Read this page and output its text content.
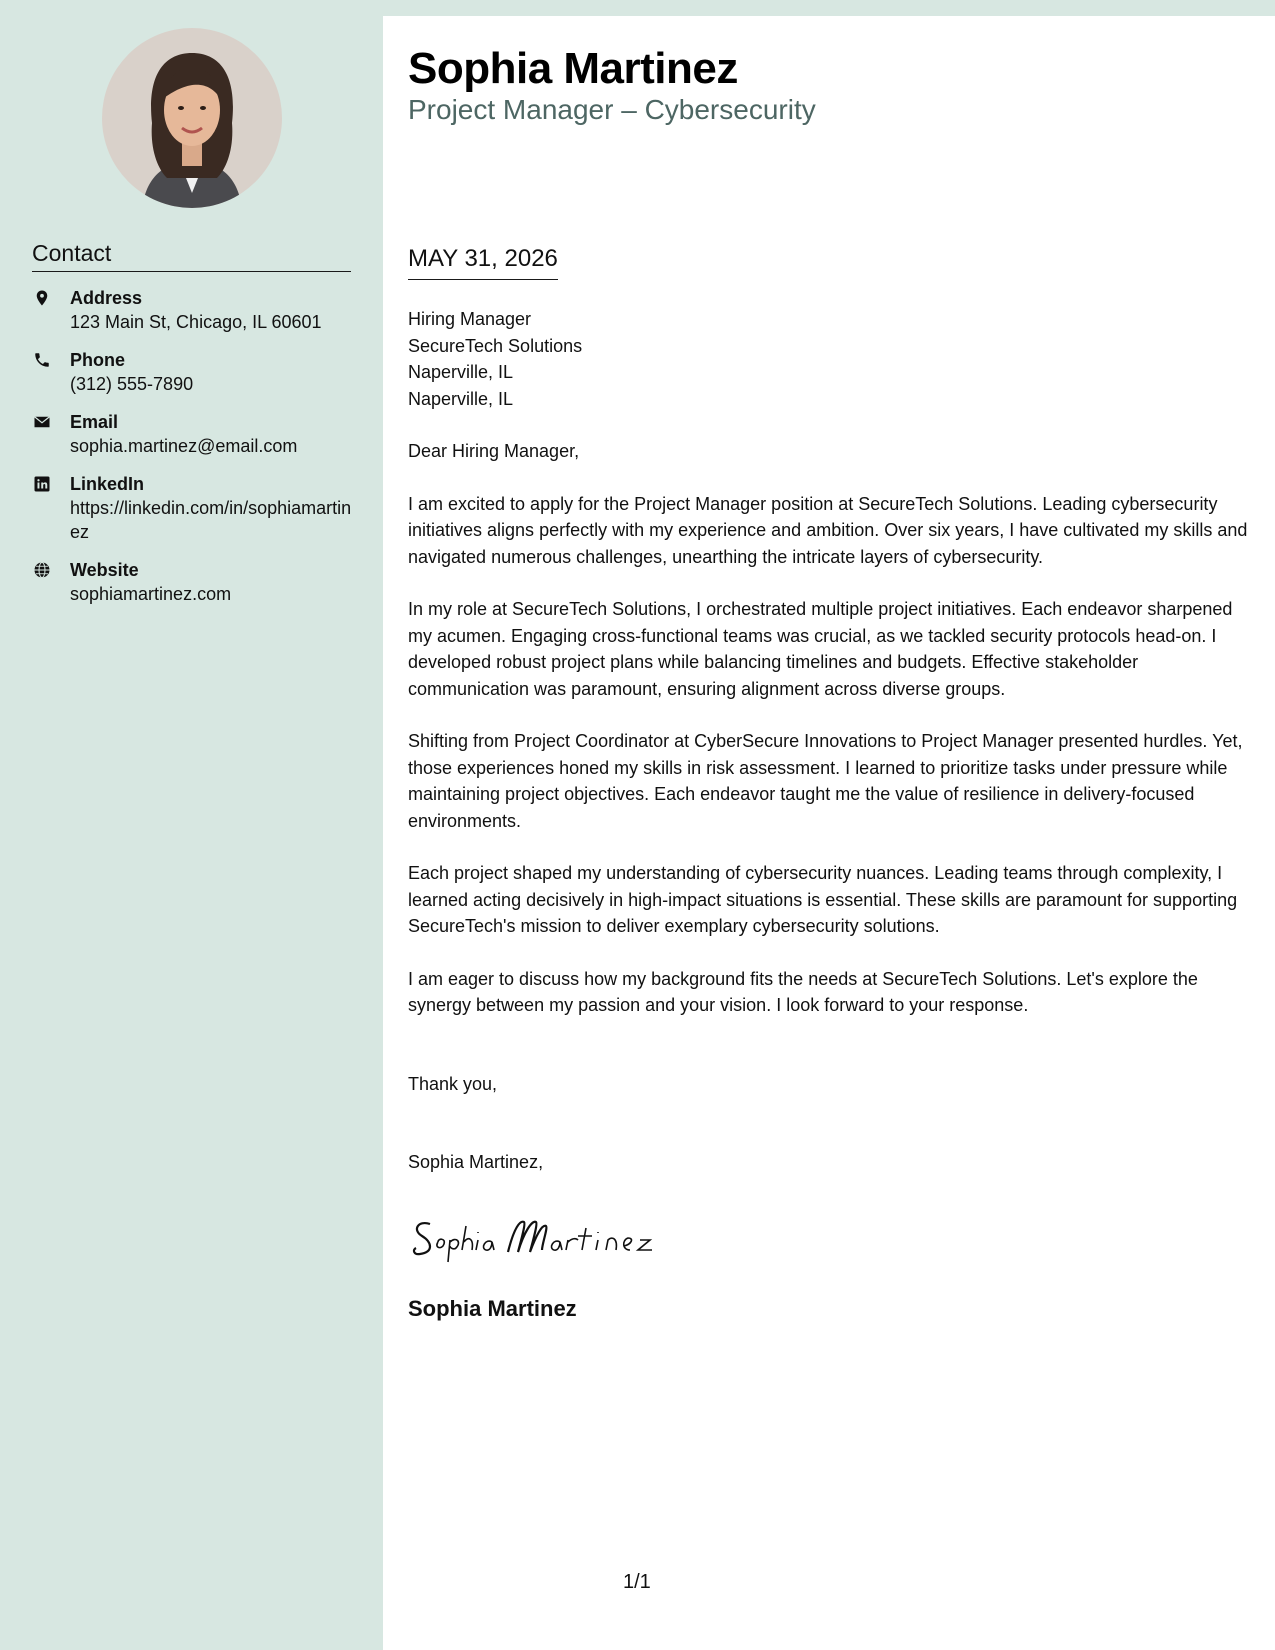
Contact
Address
123 Main St, Chicago, IL 60601
Phone
(312) 555-7890
Email
sophia.martinez@email.com
LinkedIn
https://linkedin.com/in/sophiamartinez
Website
sophiamartinez.com
Sophia Martinez
Project Manager – Cybersecurity
MAY 31, 2026
Hiring Manager
SecureTech Solutions
Naperville, IL
Naperville, IL

Dear Hiring Manager,

I am excited to apply for the Project Manager position at SecureTech Solutions. Leading cybersecurity initiatives aligns perfectly with my experience and ambition. Over six years, I have cultivated my skills and navigated numerous challenges, unearthing the intricate layers of cybersecurity.

In my role at SecureTech Solutions, I orchestrated multiple project initiatives. Each endeavor sharpened my acumen. Engaging cross-functional teams was crucial, as we tackled security protocols head-on. I developed robust project plans while balancing timelines and budgets. Effective stakeholder communication was paramount, ensuring alignment across diverse groups.

Shifting from Project Coordinator at CyberSecure Innovations to Project Manager presented hurdles. Yet, those experiences honed my skills in risk assessment. I learned to prioritize tasks under pressure while maintaining project objectives. Each endeavor taught me the value of resilience in delivery-focused environments.

Each project shaped my understanding of cybersecurity nuances. Leading teams through complexity, I learned acting decisively in high-impact situations is essential. These skills are paramount for supporting SecureTech's mission to deliver exemplary cybersecurity solutions.

I am eager to discuss how my background fits the needs at SecureTech Solutions. Let's explore the synergy between my passion and your vision. I look forward to your response.

Thank you,
Sophia Martinez,
Sophia Martinez
1/1
